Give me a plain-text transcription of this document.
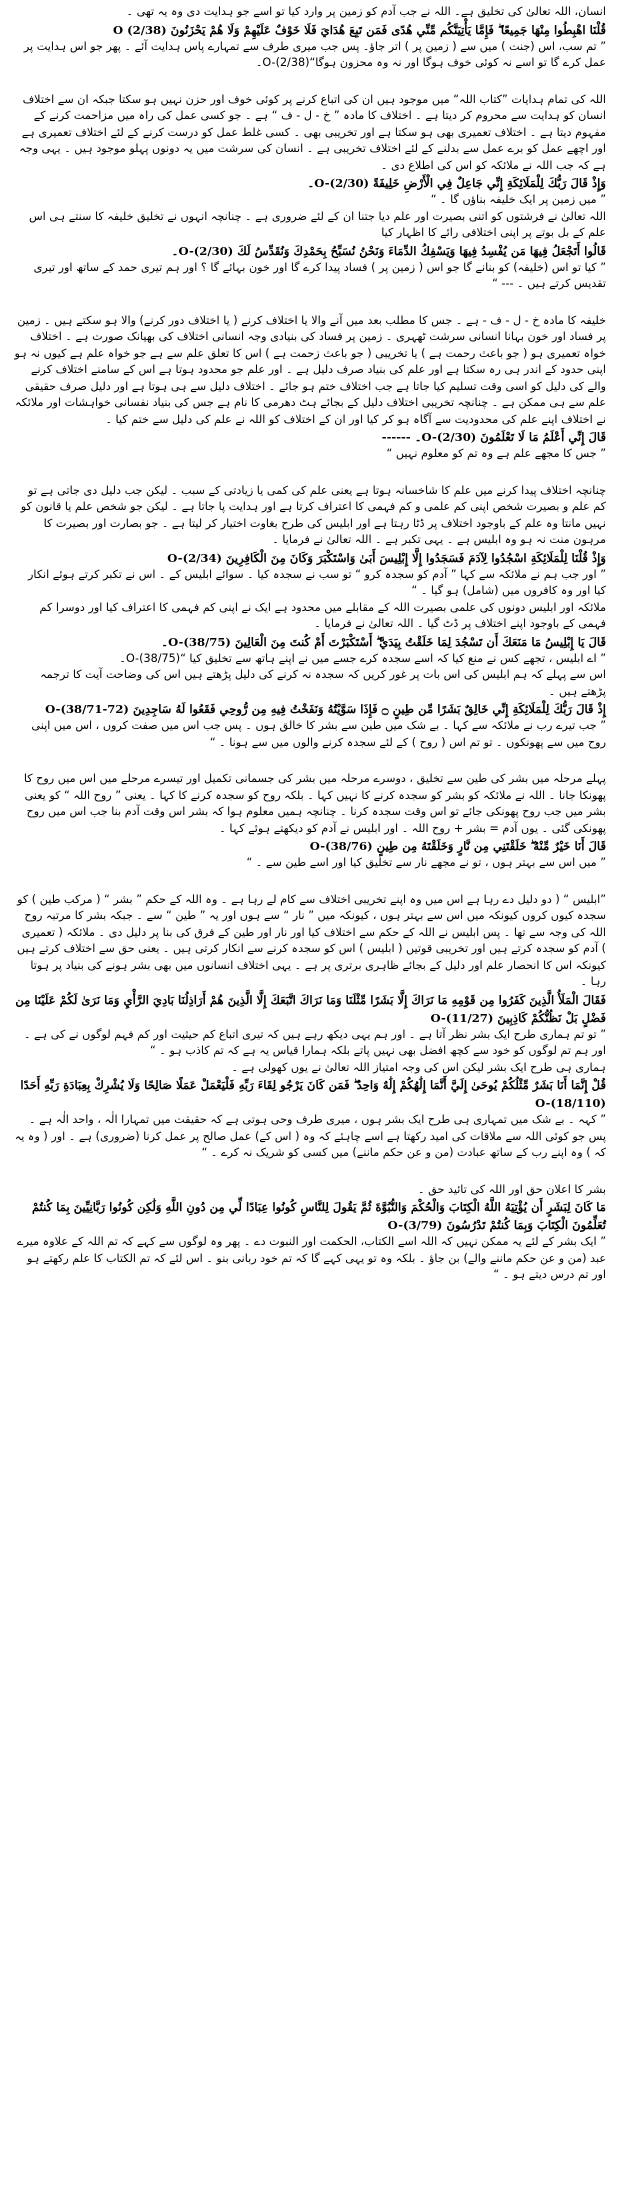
انسان، اللہ تعالیٰ کی تخلیق ہے۔ اللہ نے جب آدم کو زمین پر وارد کیا تو اسے جو ہدایت دی وہ یہ تھی ۔

قُلْنَا اهْبِطُوا مِنْهَا جَمِيعًا ۖ فَإِمَّا يَأْتِيَنَّكُم مِّنِّي هُدًى فَمَن تَبِعَ هُدَايَ فَلَا خَوْفٌ عَلَيْهِمْ وَلَا هُمْ يَحْزَنُونَ O (2/38)

” تم سب، اس (جنت ) میں سے ( زمین پر ) اتر جاؤ۔ پس جب میری طرف سے تمہارے پاس ہدایت آئے ۔ پھر جو اس ہدایت پر عمل کرے گا تو اسے نہ کوئی خوف ہوگا اور نہ وہ محزون ہوگا“O-(2/38)۔

اللہ کی تمام ہدایات ”کتاب اللہ“ میں موجود ہیں ان کی اتباع کرنے پر کوئی خوف اور حزن نہیں ہو سکتا جبکہ ان سے اختلاف انسان کو ہدایت سے محروم کر دیتا ہے ۔ اختلاف کا مادہ ” خ - ل - ف “ ہے ۔ جو کسی عمل کی راہ میں مزاحمت کرنے کے مفہوم دیتا ہے ۔ اختلاف تعمیری بھی ہو سکتا ہے اور تخریبی بھی ۔ کسی غلط عمل کو درست کرنے کے لئے اختلاف تعمیری ہے اور اچھے عمل کو برے عمل سے بدلنے کے لئے اختلاف تخریبی ہے ۔ انسان کی سرشت میں یہ دونوں پہلو موجود ہیں ۔ یہی وجہ ہے کہ جب اللہ نے ملائکہ کو اس کی اطلاع دی ۔

وَإِذْ قَالَ رَبُّكَ لِلْمَلَائِكَةِ إِنِّي جَاعِلٌ فِي الْأَرْضِ خَلِيفَةً O-(2/30)۔

” میں زمین پر ایک خلیفہ بناؤں گا ۔ “

اللہ تعالیٰ نے فرشتوں کو اتنی بصیرت اور علم دیا جتنا ان کے لئے ضروری ہے ۔ چنانچہ انہوں نے تخلیق خلیفہ کا سنتے ہی اس علم کے بل بوتے پر اپنی اختلافی رائے کا اظہار کیا

قَالُوا أَتَجْعَلُ فِيهَا مَن يُفْسِدُ فِيهَا وَيَسْفِكُ الدِّمَاءَ وَنَحْنُ نُسَبِّحُ بِحَمْدِكَ وَنُقَدِّسُ لَكَ O-(2/30)۔

” کیا تو اس (خلیفہ) کو بنانے گا جو اس ( زمین پر ) فساد پیدا کرے گا اور خون بہائے گا ؟ اور ہم تیری حمد کے ساتھ اور تیری تقدیس کرتے ہیں ۔ --- “

خلیفہ کا مادہ خ - ل - ف - ہے ۔ جس کا مطلب بعد میں آنے والا یا اختلاف کرنے ( یا اختلاف دور کرنے) والا ہو سکتے ہیں ۔ زمین پر فساد اور خون بہانا انسانی سرشت ٹھہری ۔ زمین پر فساد کی بنیادی وجہ انسانی اختلاف کی بھیانک صورت ہے ۔ اختلاف خواہ تعمیری ہو ( جو باعث رحمت ہے ) یا تخریبی ( جو باعث زحمت ہے ) اس کا تعلق علم سے ہے جو خواہ علم ہے کیوں نہ ہو اپنی حدود کے اندر ہی رہ سکتا ہے اور علم کی بنیاد صرف دلیل ہے ۔ اور علم جو محدود ہوتا ہے اس کے سامنے اختلاف کرنے والے کی دلیل کو اسی وقت تسلیم کیا جاتا ہے جب اختلاف ختم ہو جائے ۔ اختلاف دلیل سے ہی ہوتا ہے اور دلیل صرف حقیقی علم سے ہی ممکن ہے ۔ چنانچہ تخریبی اختلاف دلیل کے بجائے ہٹ دھرمی کا نام ہے جس کی بنیاد نفسانی خواہشات اور ملائکہ نے اختلاف اپنے علم کی محدودیت سے آگاہ ہو کر کیا اور ان کے اختلاف کو اللہ نے علم کی دلیل سے ختم کیا ۔

قَالَ إِنِّي أَعْلَمُ مَا لَا تَعْلَمُونَ O-(2/30)۔ ------

” جس کا مجھے علم ہے وہ تم کو معلوم نہیں “

چنانچہ اختلاف پیدا کرنے میں علم کا شاخسانہ ہوتا ہے یعنی علم کی کمی یا زیادتی کے سبب ۔ لیکن جب دلیل دی جاتی ہے تو کم علم و بصیرت شخص اپنی کم علمی و کم فہمی کا اعتراف کرتا ہے اور ہدایت پا جاتا ہے ۔ لیکن جو شخص علم یا قانون کو نہیں مانتا وہ علم کے باوجود اختلاف پر ڈٹا رہتا ہے اور ابلیس کی طرح بغاوت اختیار کر لیتا ہے ۔ جو بصارت اور بصیرت کا مرہون منت نہ ہو وہ ابلیس ہے ۔ یہی تکبر ہے ۔ اللہ تعالیٰ نے فرمایا ۔

وَإِذْ قُلْنَا لِلْمَلَائِكَةِ اسْجُدُوا لِآدَمَ فَسَجَدُوا إِلَّا إِبْلِيسَ أَبَىٰ وَاسْتَكْبَرَ وَكَانَ مِنَ الْكَافِرِينَ O-(2/34)

” اور جب ہم نے ملائکہ سے کہا ” آدم کو سجدہ کرو “ تو سب نے سجدہ کیا ۔ سوائے ابلیس کے ۔ اس نے تکبر کرتے ہوئے انکار کیا اور وہ کافروں میں (شامل) ہو گیا ۔ “

ملائکہ اور ابلیس دونوں کی علمی بصیرت اللہ کے مقابلے میں محدود ہے ایک نے اپنی کم فہمی کا اعتراف کیا اور دوسرا کم فہمی کے باوجود اپنے اختلاف پر ڈٹ گیا ۔ اللہ تعالیٰ نے فرمایا ۔

قَالَ يَا إِبْلِيسُ مَا مَنَعَكَ أَن تَسْجُدَ لِمَا خَلَقْتُ بِيَدَيَّ ۖ أَسْتَكْبَرْتَ أَمْ كُنتَ مِنَ الْعَالِينَ O-(38/75)۔

” اے ابلیس ، تجھے کس نے منع کیا کہ اسے سجدہ کرے جسے میں نے اپنے ہاتھ سے تخلیق کیا “O-(38/75)۔

اس سے پہلے کہ ہم ابلیس کی اس بات پر غور کریں کہ سجدہ نہ کرنے کی دلیل پڑھتے ہیں اس کی وضاحت آیت کا ترجمہ پڑھتے ہیں ۔

إِذْ قَالَ رَبُّكَ لِلْمَلَائِكَةِ إِنِّي خَالِقٌ بَشَرًا مِّن طِينٍ ۝ فَإِذَا سَوَّيْتُهُ وَنَفَخْتُ فِيهِ مِن رُّوحِي فَقَعُوا لَهُ سَاجِدِينَ O-(38/71-72)

” جب تیرے رب نے ملائکہ سے کہا ۔ بے شک میں طین سے بشر کا خالق ہوں ۔ پس جب اس میں صفت کروں ، اس میں اپنی روح میں سے پھونکوں ۔ تو تم اس ( روح ) کے لئے سجدہ کرنے والوں میں سے ہونا ۔ “

پہلے مرحلہ میں بشر کی طین سے تخلیق ، دوسرے مرحلہ میں بشر کی جسمانی تکمیل اور تیسرے مرحلے میں اس میں روح کا پھونکا جانا ۔ اللہ نے ملائکہ کو بشر کو سجدہ کرنے کا نہیں کہا ۔ بلکہ روح کو سجدہ کرنے کا کہا ۔ یعنی ” روح اللہ “ کو یعنی بشر میں جب روح پھونکی جائے تو اس وقت سجدہ کرنا ۔ چنانچہ ہمیں معلوم ہوا کہ بشر اس وقت آدم بنا جب اس میں روح پھونکی گئی ۔ یوں آدم = بشر + روح اللہ ۔ اور ابلیس نے آدم کو دیکھتے ہوئے کہا ۔

قَالَ أَنَا خَيْرٌ مِّنْهُ ۖ خَلَقْتَنِي مِن نَّارٍ وَخَلَقْتَهُ مِن طِينٍ O-(38/76)

” میں اس سے بہتر ہوں ، تو نے مجھے نار سے تخلیق کیا اور اسے طین سے ۔ “

”ابلیس “ ( دو دلیل دے رہا ہے اس میں وہ اپنے تخریبی اختلاف سے کام لے رہا ہے ۔ وہ اللہ کے حکم ” بشر “ ( مرکب طین ) کو سجدہ کیوں کروں کیونکہ میں اس سے بہتر ہوں ، کیونکہ میں ” نار “ سے ہوں اور یہ ” طین “ سے ۔ جبکہ بشر کا مرتبہ روح اللہ کی وجہ سے تھا ۔ پس ابلیس نے اللہ کے حکم سے اختلاف کیا اور نار اور طین کے فرق کی بنا پر دلیل دی ۔ ملائکہ ( تعمیری ) آدم کو سجدہ کرتے ہیں اور تخریبی قوتیں ( ابلیس ) اس کو سجدہ کرنے سے انکار کرتی ہیں ۔ یعنی حق سے اختلاف کرتے ہیں کیونکہ اس کا انحصار علم اور دلیل کے بجائے ظاہری برتری پر ہے ۔ یہی اختلاف انسانوں میں بھی بشر ہونے کی بنیاد پر ہوتا رہا ۔

فَقَالَ الْمَلَأُ الَّذِينَ كَفَرُوا مِن قَوْمِهِ مَا نَرَاكَ إِلَّا بَشَرًا مِّثْلَنَا وَمَا نَرَاكَ اتَّبَعَكَ إِلَّا الَّذِينَ هُمْ أَرَاذِلُنَا بَادِيَ الرَّأْيِ وَمَا نَرَىٰ لَكُمْ عَلَيْنَا مِن فَضْلٍ بَلْ نَظُنُّكُمْ كَاذِبِينَ O-(11/27)

” تو تم ہماری طرح ایک بشر نظر آتا ہے ۔ اور ہم یہی دیکھ رہے ہیں کہ تیری اتباع کم حیثیت اور کم فہم لوگوں نے کی ہے ۔ اور ہم تم لوگوں کو خود سے کچھ افضل بھی نہیں پاتے بلکہ ہمارا قیاس یہ ہے کہ تم کاذب ہو ۔ “

ہماری ہی طرح ایک بشر لیکن اس کی وجہ امتیاز اللہ تعالیٰ نے یوں کھولی ہے ۔

قُلْ إِنَّمَا أَنَا بَشَرٌ مِّثْلُكُمْ يُوحَىٰ إِلَيَّ أَنَّمَا إِلَٰهُكُمْ إِلَٰهٌ وَاحِدٌ ۖ فَمَن كَانَ يَرْجُو لِقَاءَ رَبِّهِ فَلْيَعْمَلْ عَمَلًا صَالِحًا وَلَا يُشْرِكْ بِعِبَادَةِ رَبِّهِ أَحَدًا O-(18/110)

” کہہ ۔ بے شک میں تمہاری ہی طرح ایک بشر ہوں ، میری طرف وحی ہوتی ہے کہ حقیقت میں تمہارا الٰہ ، واحد الٰہ ہے ۔ پس جو کوئی اللہ سے ملاقات کی امید رکھتا ہے اسے چاہئے کہ وہ ( اس کے) عمل صالح پر عمل کرنا (ضروری) ہے ۔ اور ( وہ یہ کہ ) وہ اپنے رب کے ساتھ عبادت (من و عن حکم ماننے) میں کسی کو شریک نہ کرے ۔ “

بشر کا اعلان حق اور اللہ کی تائید حق ۔

مَا كَانَ لِبَشَرٍ أَن يُؤْتِيَهُ اللَّهُ الْكِتَابَ وَالْحُكْمَ وَالنُّبُوَّةَ ثُمَّ يَقُولَ لِلنَّاسِ كُونُوا عِبَادًا لِّي مِن دُونِ اللَّهِ وَلَٰكِن كُونُوا رَبَّانِيِّينَ بِمَا كُنتُمْ تُعَلِّمُونَ الْكِتَابَ وَبِمَا كُنتُمْ تَدْرُسُونَ O-(3/79)

” ایک بشر کے لئے یہ ممکن نہیں کہ اللہ اسے الکتاب، الحکمت اور النبوت دے ۔ پھر وہ لوگوں سے کہے کہ تم اللہ کے علاوہ میرے عبد (من و عن حکم ماننے والے) بن جاؤ ۔ بلکہ وہ تو یہی کہے گا کہ تم خود ربانی بنو ۔ اس لئے کہ تم الکتاب کا علم رکھتے ہو اور تم درس دیتے ہو ۔ “
